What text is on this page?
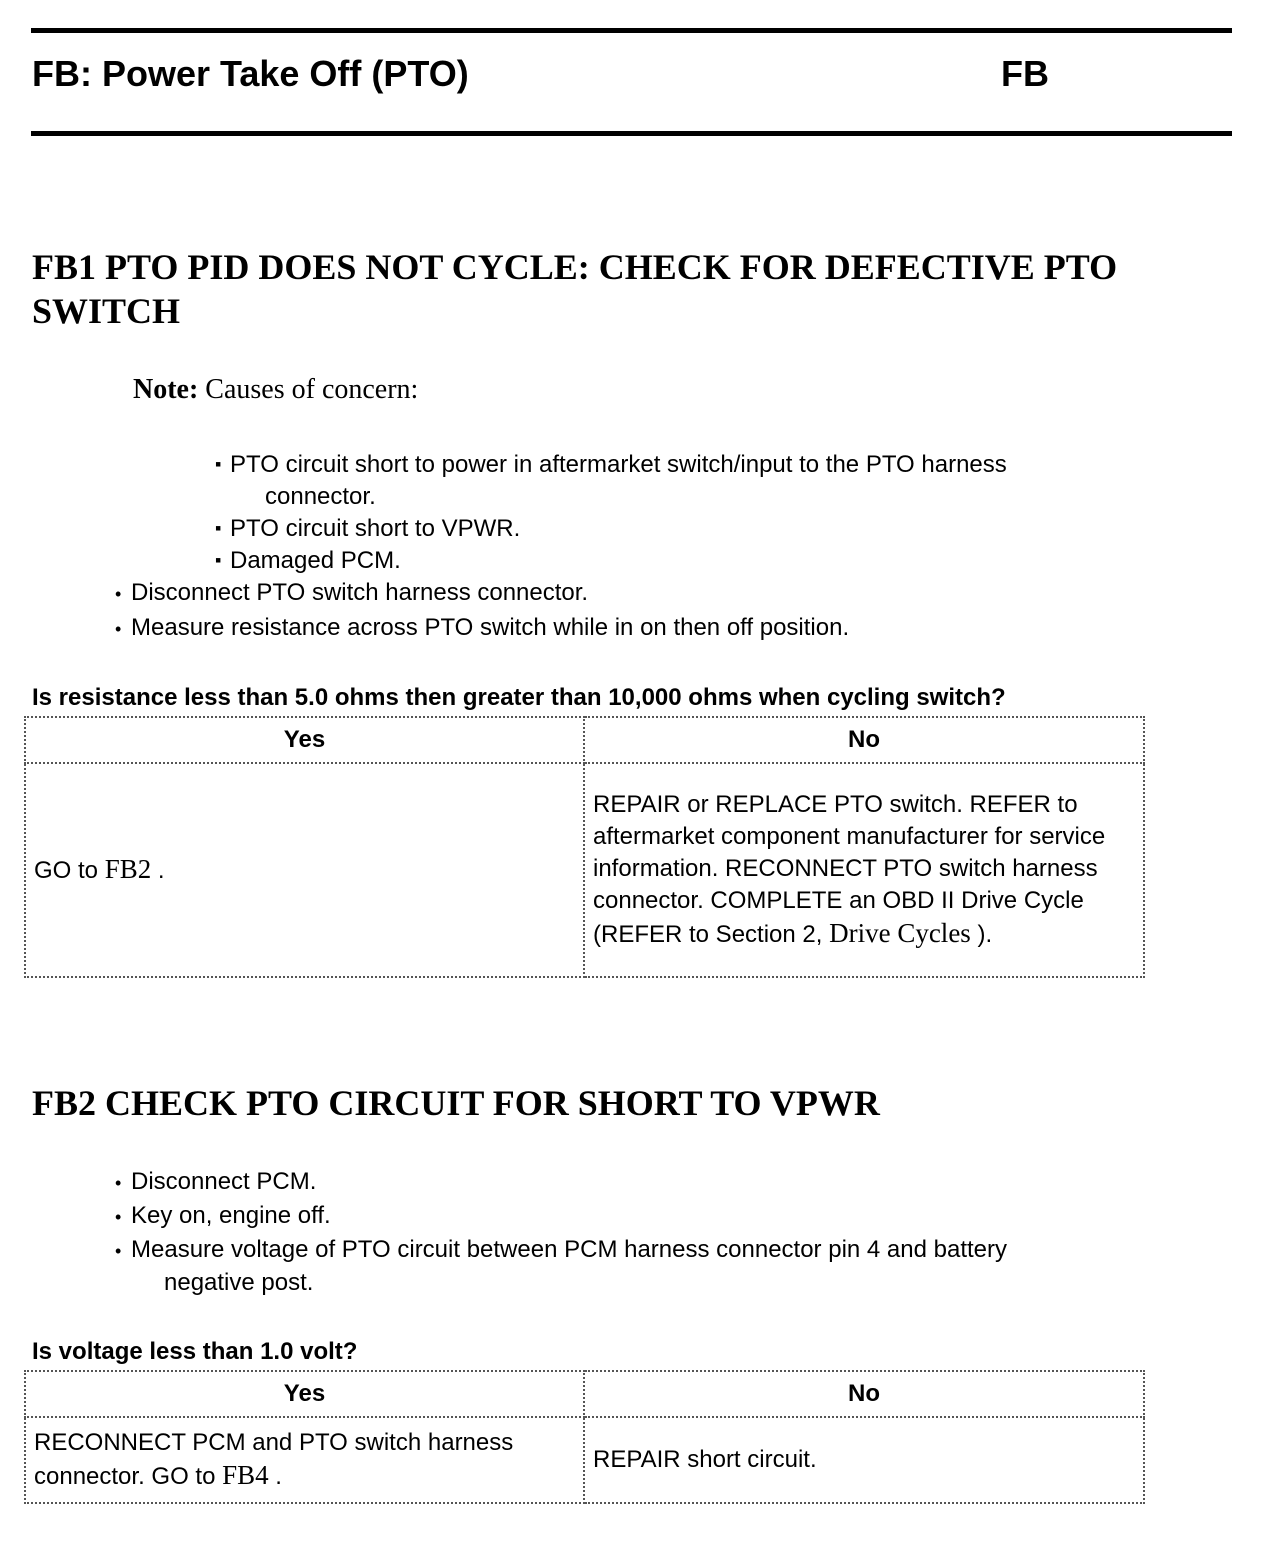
FB: Power Take Off (PTO)	FB
FB1 PTO PID DOES NOT CYCLE: CHECK FOR DEFECTIVE PTO SWITCH
Note: Causes of concern:
▪ PTO circuit short to power in aftermarket switch/input to the PTO harness
connector.
▪ PTO circuit short to VPWR.
▪ Damaged PCM.
• Disconnect PTO switch harness connector.
• Measure resistance across PTO switch while in on then off position.
Is resistance less than 5.0 ohms then greater than 10,000 ohms when cycling switch?
Yes	No
GO to FB2 .	REPAIR or REPLACE PTO switch. REFER to aftermarket component manufacturer for service information. RECONNECT PTO switch harness connector. COMPLETE an OBD II Drive Cycle (REFER to Section 2, Drive Cycles ).
FB2 CHECK PTO CIRCUIT FOR SHORT TO VPWR
• Disconnect PCM.
• Key on, engine off.
• Measure voltage of PTO circuit between PCM harness connector pin 4 and battery
negative post.
Is voltage less than 1.0 volt?
Yes	No
RECONNECT PCM and PTO switch harness connector. GO to FB4 .	REPAIR short circuit.
